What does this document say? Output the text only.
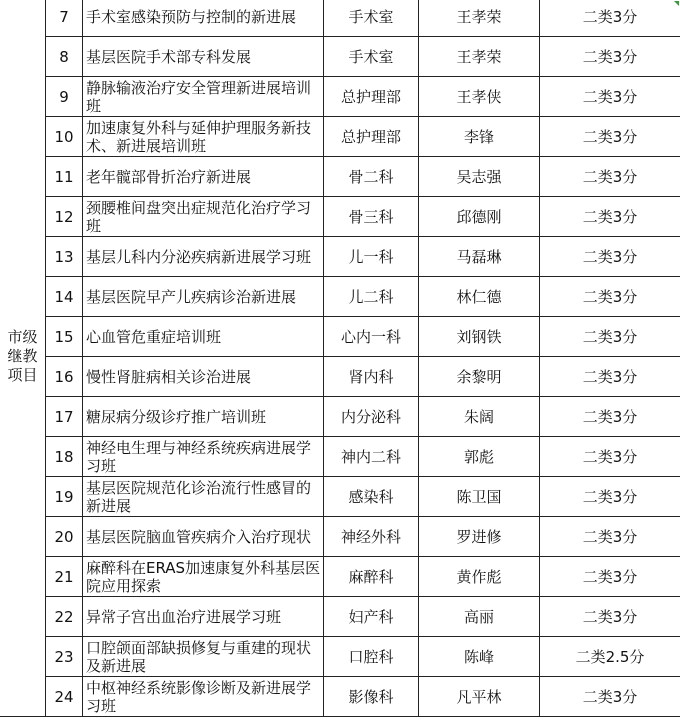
市级继教项目	7	手术室感染预防与控制的新进展	手术室	王孝荣	二类3分

	8	基层医院手术部专科发展	手术室	王孝荣	二类3分
	9	静脉输液治疗安全管理新进展培训班	总护理部	王孝侠	二类3分
	10	加速康复外科与延伸护理服务新技术、新进展培训班	总护理部	李锋	二类3分
	11	老年髋部骨折治疗新进展	骨二科	吴志强	二类3分
	12	颈腰椎间盘突出症规范化治疗学习班	骨三科	邱德刚	二类3分
	13	基层儿科内分泌疾病新进展学习班	儿一科	马磊琳	二类3分
	14	基层医院早产儿疾病诊治新进展	儿二科	林仁德	二类3分
	15	心血管危重症培训班	心内一科	刘钢铁	二类3分
	16	慢性肾脏病相关诊治进展	肾内科	余黎明	二类3分
	17	糖尿病分级诊疗推广培训班	内分泌科	朱阔	二类3分
	18	神经电生理与神经系统疾病进展学习班	神内二科	郭彪	二类3分
	19	基层医院规范化诊治流行性感冒的新进展	感染科	陈卫国	二类3分
	20	基层医院脑血管疾病介入治疗现状	神经外科	罗进修	二类3分
	21	麻醉科在ERAS加速康复外科基层医院应用探索	麻醉科	黄作彪	二类3分
	22	异常子宫出血治疗进展学习班	妇产科	高丽	二类3分
	23	口腔颌面部缺损修复与重建的现状及新进展	口腔科	陈峰	二类2.5分
	24	中枢神经系统影像诊断及新进展学习班	影像科	凡平林	二类3分
